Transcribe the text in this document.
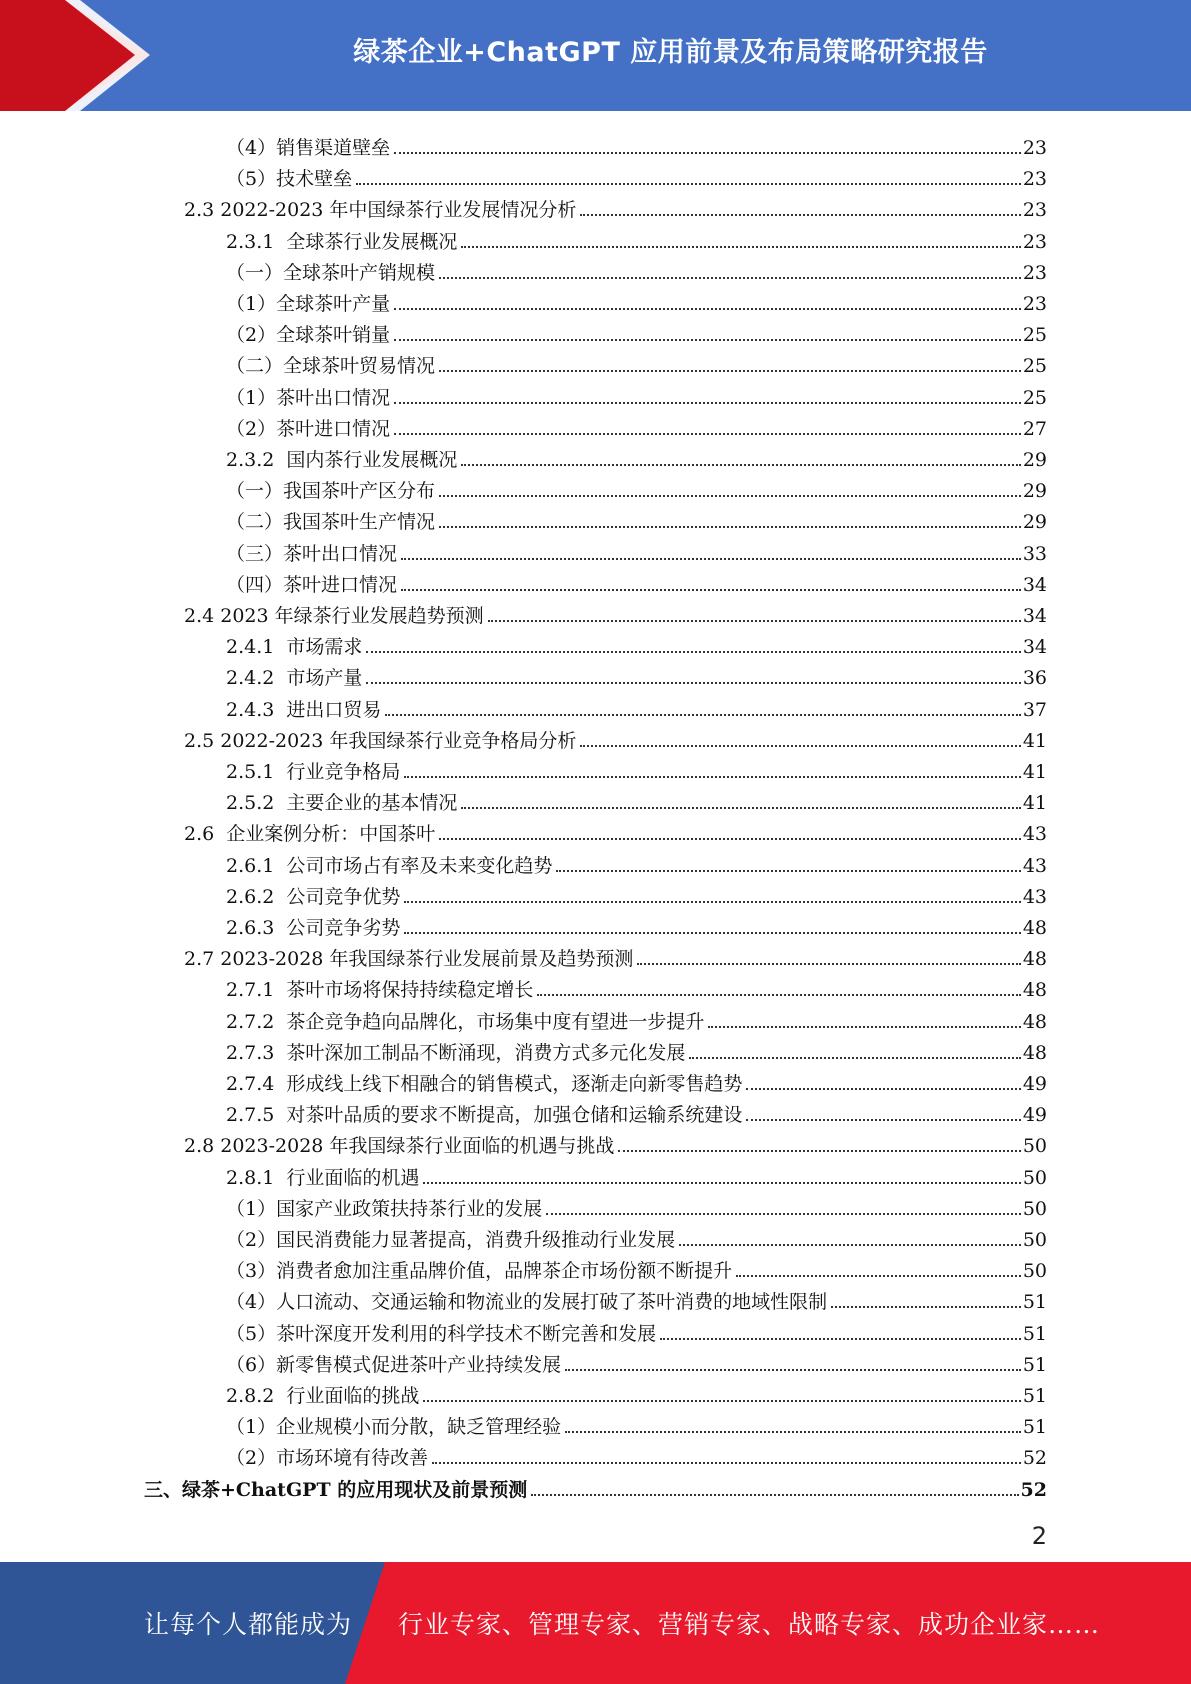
绿茶企业+ChatGPT 应用前景及布局策略研究报告
（4）销售渠道壁垒	23
（5）技术壁垒	23
2.3 2022-2023 年中国绿茶行业发展情况分析	23
2.3.1  全球茶行业发展概况	23
（一）全球茶叶产销规模	23
（1）全球茶叶产量	23
（2）全球茶叶销量	25
（二）全球茶叶贸易情况	25
（1）茶叶出口情况	25
（2）茶叶进口情况	27
2.3.2  国内茶行业发展概况	29
（一）我国茶叶产区分布	29
（二）我国茶叶生产情况	29
（三）茶叶出口情况	33
（四）茶叶进口情况	34
2.4 2023 年绿茶行业发展趋势预测	34
2.4.1  市场需求	34
2.4.2  市场产量	36
2.4.3  进出口贸易	37
2.5 2022-2023 年我国绿茶行业竞争格局分析	41
2.5.1  行业竞争格局	41
2.5.2  主要企业的基本情况	41
2.6  企业案例分析：中国茶叶	43
2.6.1  公司市场占有率及未来变化趋势	43
2.6.2  公司竞争优势	43
2.6.3  公司竞争劣势	48
2.7 2023-2028 年我国绿茶行业发展前景及趋势预测	48
2.7.1  茶叶市场将保持持续稳定增长	48
2.7.2  茶企竞争趋向品牌化，市场集中度有望进一步提升	48
2.7.3  茶叶深加工制品不断涌现，消费方式多元化发展	48
2.7.4  形成线上线下相融合的销售模式，逐渐走向新零售趋势	49
2.7.5  对茶叶品质的要求不断提高，加强仓储和运输系统建设	49
2.8 2023-2028 年我国绿茶行业面临的机遇与挑战	50
2.8.1  行业面临的机遇	50
（1）国家产业政策扶持茶行业的发展	50
（2）国民消费能力显著提高，消费升级推动行业发展	50
（3）消费者愈加注重品牌价值，品牌茶企市场份额不断提升	50
（4）人口流动、交通运输和物流业的发展打破了茶叶消费的地域性限制	51
（5）茶叶深度开发利用的科学技术不断完善和发展	51
（6）新零售模式促进茶叶产业持续发展	51
2.8.2  行业面临的挑战	51
（1）企业规模小而分散，缺乏管理经验	51
（2）市场环境有待改善	52
三、绿茶+ChatGPT 的应用现状及前景预测	52
2
让每个人都能成为 行业专家、管理专家、营销专家、战略专家、成功企业家……
